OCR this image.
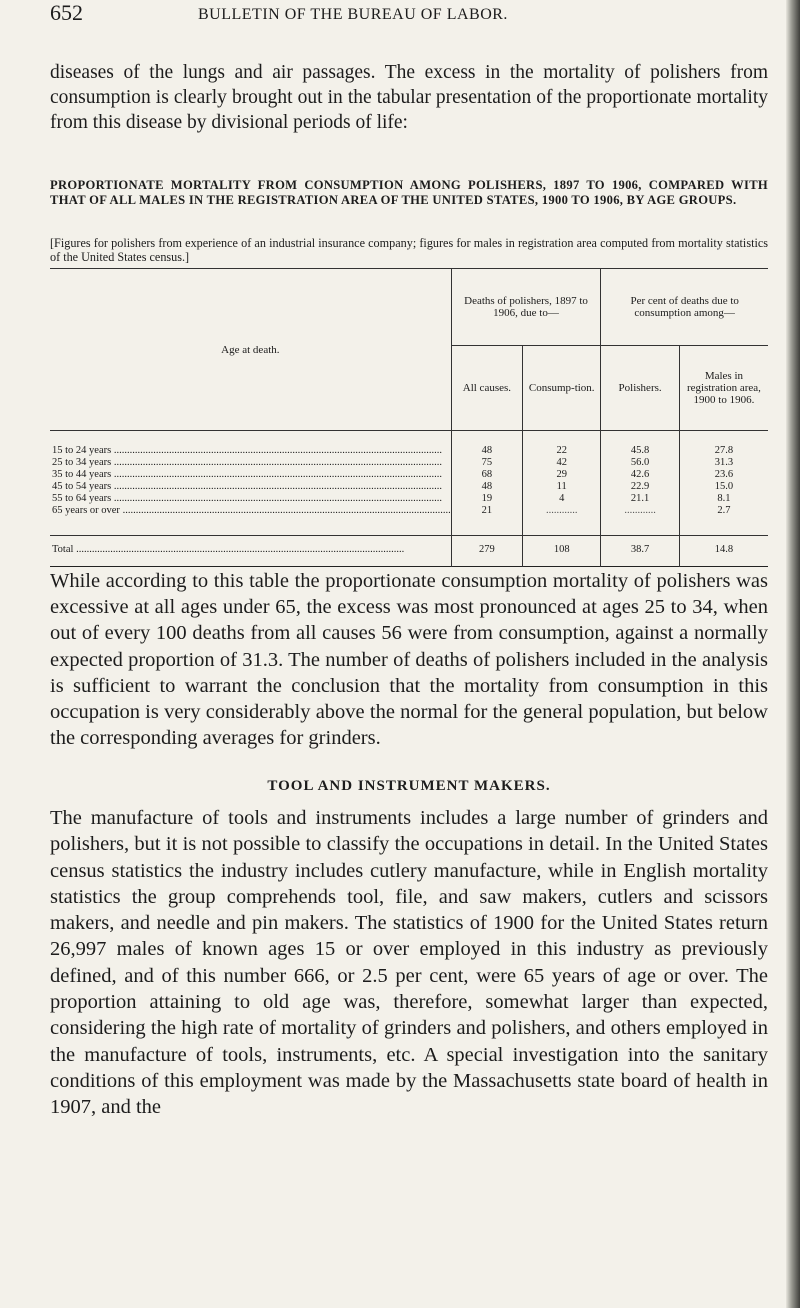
652	BULLETIN OF THE BUREAU OF LABOR.

diseases of the lungs and air passages. The excess in the mortality of polishers from consumption is clearly brought out in the tabular presentation of the proportionate mortality from this disease by divisional periods of life:

PROPORTIONATE MORTALITY FROM CONSUMPTION AMONG POLISHERS, 1897 TO 1906, COMPARED WITH THAT OF ALL MALES IN THE REGISTRATION AREA OF THE UNITED STATES, 1900 TO 1906, BY AGE GROUPS.

[Figures for polishers from experience of an industrial insurance company; figures for males in registration area computed from mortality statistics of the United States census.]

Age at death.	Deaths of polishers, 1897 to 1906, due to—		Per cent of deaths due to consumption among—	
	All causes.	Consump-tion.	Polishers.	Males in registration area, 1900 to 1906.

15 to 24 years .....	48	22	45.8	27.8

25 to 34 years .....	75	42	56.0	31.3

35 to 44 years .....	68	29	42.6	23.6

45 to 54 years .....	48	11	22.9	15.0

55 to 64 years .....	19	4	21.1	8.1

65 years or over .....	21	.....	.....	2.7

Total .....	279	108	38.7	14.8

While according to this table the proportionate consumption mortality of polishers was excessive at all ages under 65, the excess was most pronounced at ages 25 to 34, when out of every 100 deaths from all causes 56 were from consumption, against a normally expected proportion of 31.3. The number of deaths of polishers included in the analysis is sufficient to warrant the conclusion that the mortality from consumption in this occupation is very considerably above the normal for the general population, but below the corresponding averages for grinders.

TOOL AND INSTRUMENT MAKERS.

The manufacture of tools and instruments includes a large number of grinders and polishers, but it is not possible to classify the occupations in detail. In the United States census statistics the industry includes cutlery manufacture, while in English mortality statistics the group comprehends tool, file, and saw makers, cutlers and scissors makers, and needle and pin makers. The statistics of 1900 for the United States return 26,997 males of known ages 15 or over employed in this industry as previously defined, and of this number 666, or 2.5 per cent, were 65 years of age or over. The proportion attaining to old age was, therefore, somewhat larger than expected, considering the high rate of mortality of grinders and polishers, and others employed in the manufacture of tools, instruments, etc. A special investigation into the sanitary conditions of this employment was made by the Massachusetts state board of health in 1907, and the
